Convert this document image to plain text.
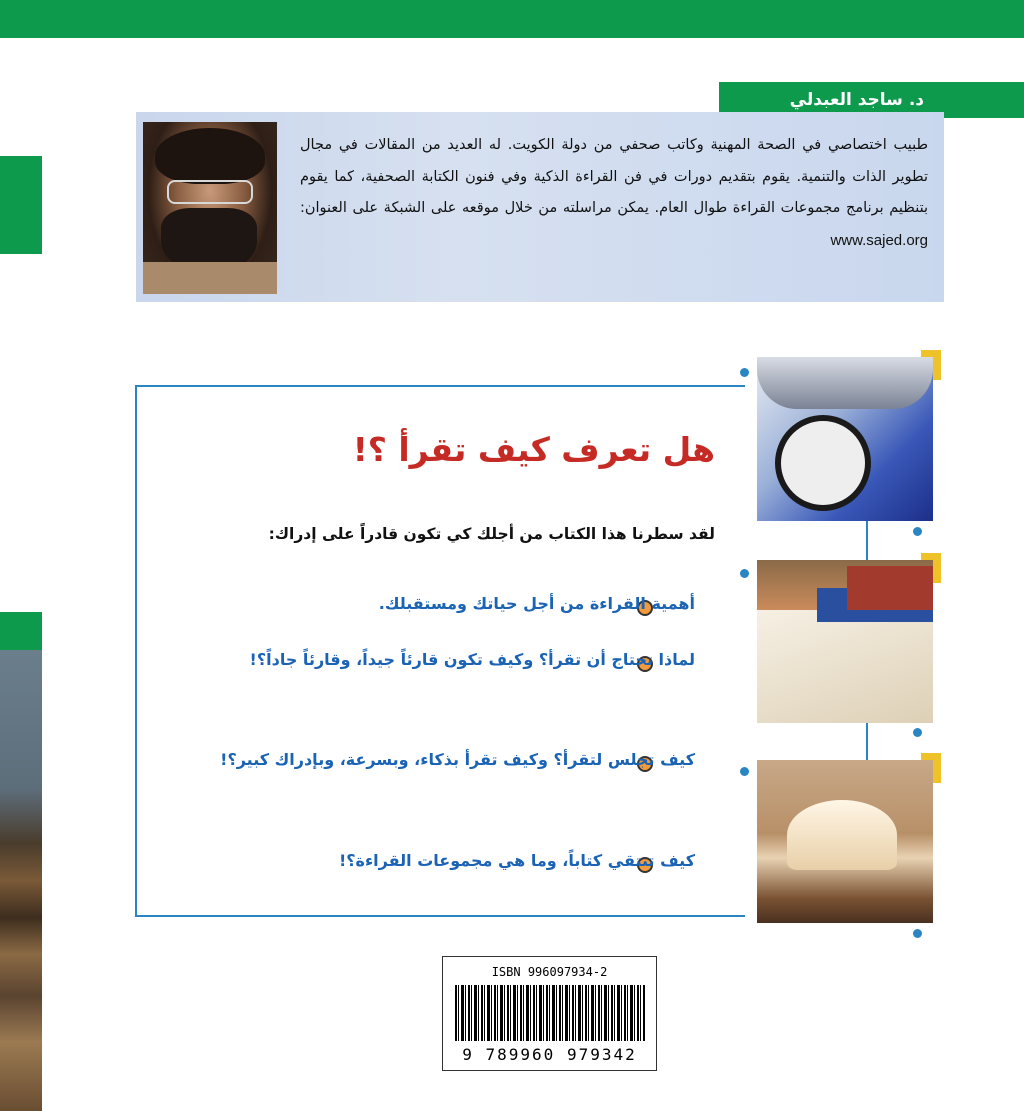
د. ساجد العبدلي
طبيب اختصاصي في الصحة المهنية وكاتب صحفي من دولة الكويت. له العديد من المقالات في مجال تطوير الذات والتنمية. يقوم بتقديم دورات في فن القراءة الذكية وفي فنون الكتابة الصحفية، كما يقوم بتنظيم برنامج مجموعات القراءة طوال العام. يمكن مراسلته من خلال موقعه على الشبكة على العنوان: www.sajed.org
هل تعرف كيف تقرأ ؟!
لقد سطرنا هذا الكتاب من أجلك كي تكون قادراً على إدراك:
أهمية القراءة من أجل حياتك ومستقبلك.
لماذا تحتاج أن تقرأ؟ وكيف تكون قارئاً جيداً، وقارئاً جاداً؟!
كيف تجلس لتقرأ؟ وكيف تقرأ بذكاء، وبسرعة، وبإدراك كبير؟!
كيف تنتقي كتاباً، وما هي مجموعات القراءة؟!
ISBN 996097934-2
9 789960 979342
